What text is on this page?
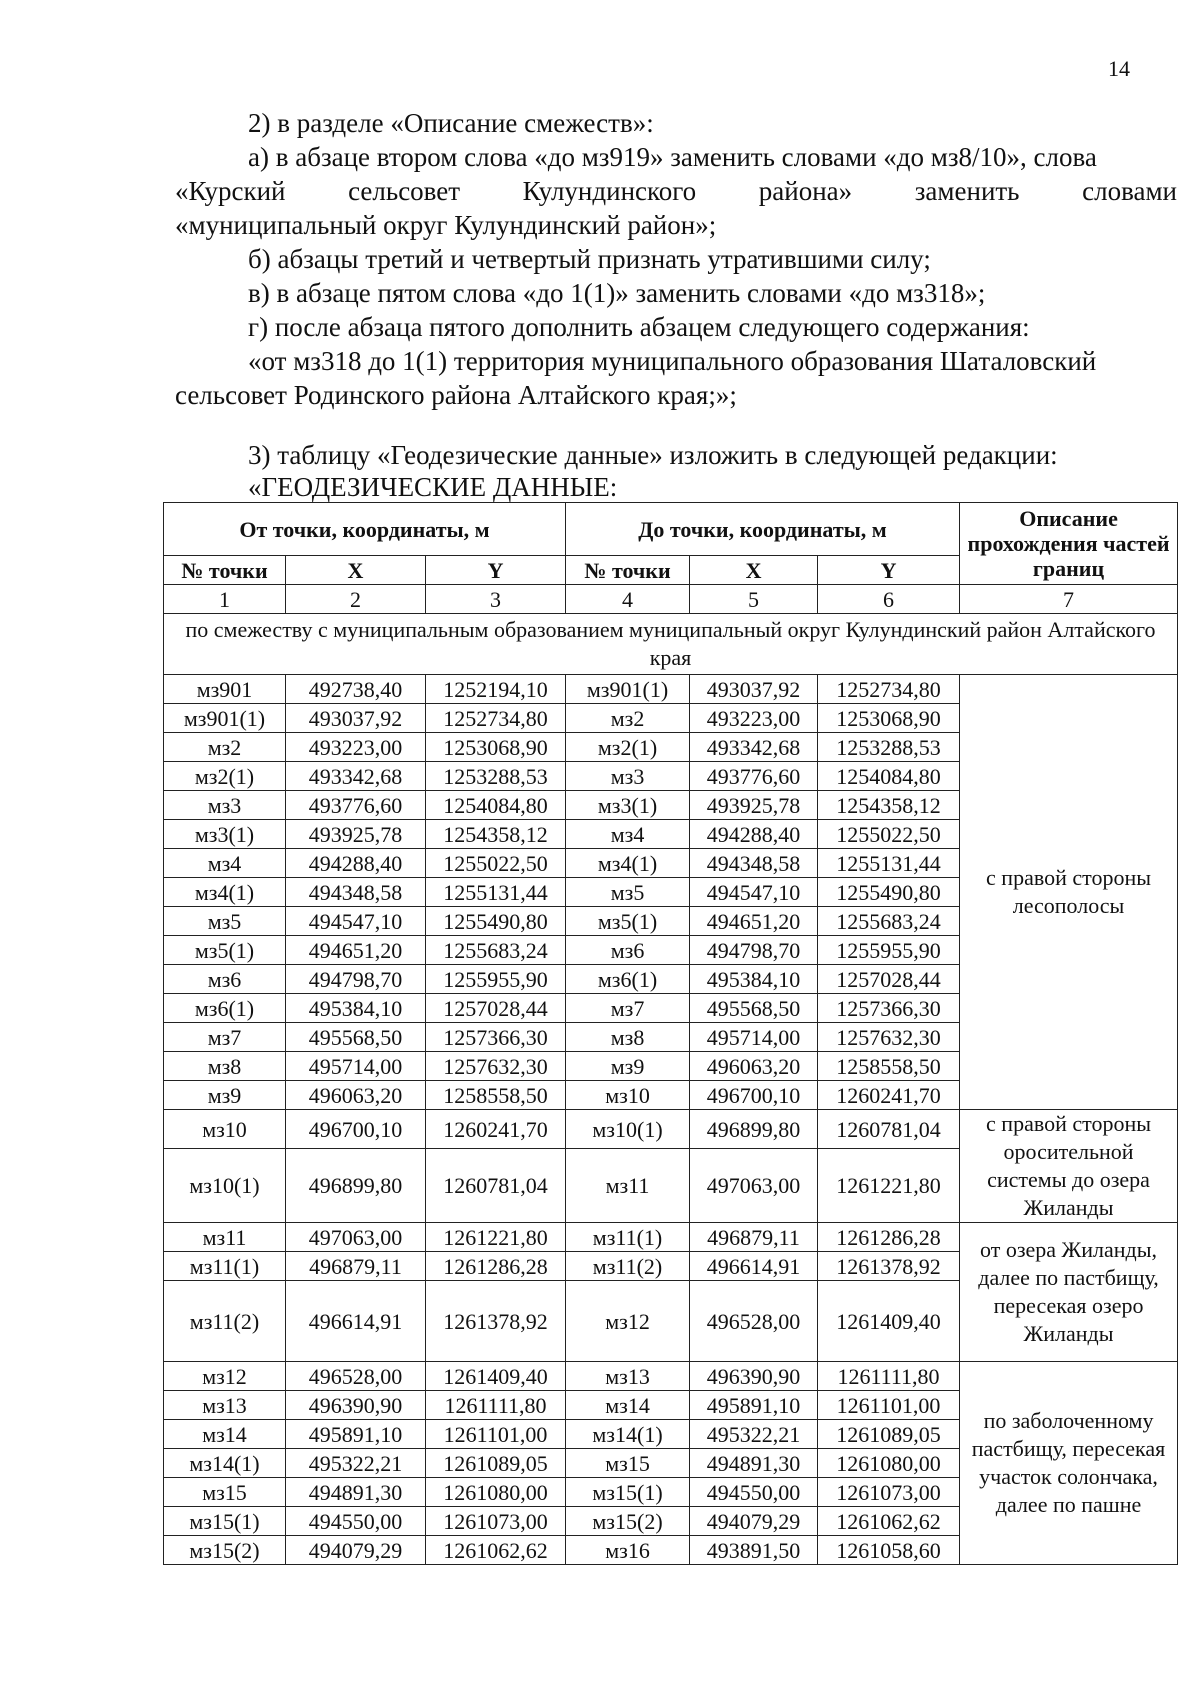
14
2) в разделе «Описание смежеств»:
а) в абзаце втором слова «до мз919» заменить словами «до мз8/10», слова
«Курский сельсовет Кулундинского района» заменить словами
«муниципальный округ Кулундинский район»;
б) абзацы третий и четвертый признать утратившими силу;
в) в абзаце пятом слова «до 1(1)» заменить словами «до мз318»;
г) после абзаца пятого дополнить абзацем следующего содержания:
«от мз318 до 1(1) территория муниципального образования Шаталовский
сельсовет Родинского района Алтайского края;»;
3) таблицу «Геодезические данные» изложить в следующей редакции:
«ГЕОДЕЗИЧЕСКИЕ ДАННЫЕ:
От точки, координаты, м			До точки, координаты, м			Описание прохождения частей границ
№ точки	X	Y	№ точки	X	Y	
1	2	3	4	5	6	7
по смежеству с муниципальным образованием муниципальный округ Кулундинский район Алтайского края						
мз901	492738,40	1252194,10	мз901(1)	493037,92	1252734,80	с правой стороны лесополосы
мз901(1)	493037,92	1252734,80	мз2	493223,00	1253068,90	
мз2	493223,00	1253068,90	мз2(1)	493342,68	1253288,53	
мз2(1)	493342,68	1253288,53	мз3	493776,60	1254084,80	
мз3	493776,60	1254084,80	мз3(1)	493925,78	1254358,12	
мз3(1)	493925,78	1254358,12	мз4	494288,40	1255022,50	
мз4	494288,40	1255022,50	мз4(1)	494348,58	1255131,44	
мз4(1)	494348,58	1255131,44	мз5	494547,10	1255490,80	
мз5	494547,10	1255490,80	мз5(1)	494651,20	1255683,24	
мз5(1)	494651,20	1255683,24	мз6	494798,70	1255955,90	
мз6	494798,70	1255955,90	мз6(1)	495384,10	1257028,44	
мз6(1)	495384,10	1257028,44	мз7	495568,50	1257366,30	
мз7	495568,50	1257366,30	мз8	495714,00	1257632,30	
мз8	495714,00	1257632,30	мз9	496063,20	1258558,50	
мз9	496063,20	1258558,50	мз10	496700,10	1260241,70	
мз10	496700,10	1260241,70	мз10(1)	496899,80	1260781,04	с правой стороны оросительной системы до озера Жиланды
мз10(1)	496899,80	1260781,04	мз11	497063,00	1261221,80	
мз11	497063,00	1261221,80	мз11(1)	496879,11	1261286,28	от озера Жиланды, далее по пастбищу, пересекая озеро Жиланды
мз11(1)	496879,11	1261286,28	мз11(2)	496614,91	1261378,92	
мз11(2)	496614,91	1261378,92	мз12	496528,00	1261409,40	
мз12	496528,00	1261409,40	мз13	496390,90	1261111,80	по заболоченному пастбищу, пересекая участок солончака, далее по пашне
мз13	496390,90	1261111,80	мз14	495891,10	1261101,00	
мз14	495891,10	1261101,00	мз14(1)	495322,21	1261089,05	
мз14(1)	495322,21	1261089,05	мз15	494891,30	1261080,00	
мз15	494891,30	1261080,00	мз15(1)	494550,00	1261073,00	
мз15(1)	494550,00	1261073,00	мз15(2)	494079,29	1261062,62	
мз15(2)	494079,29	1261062,62	мз16	493891,50	1261058,60	
